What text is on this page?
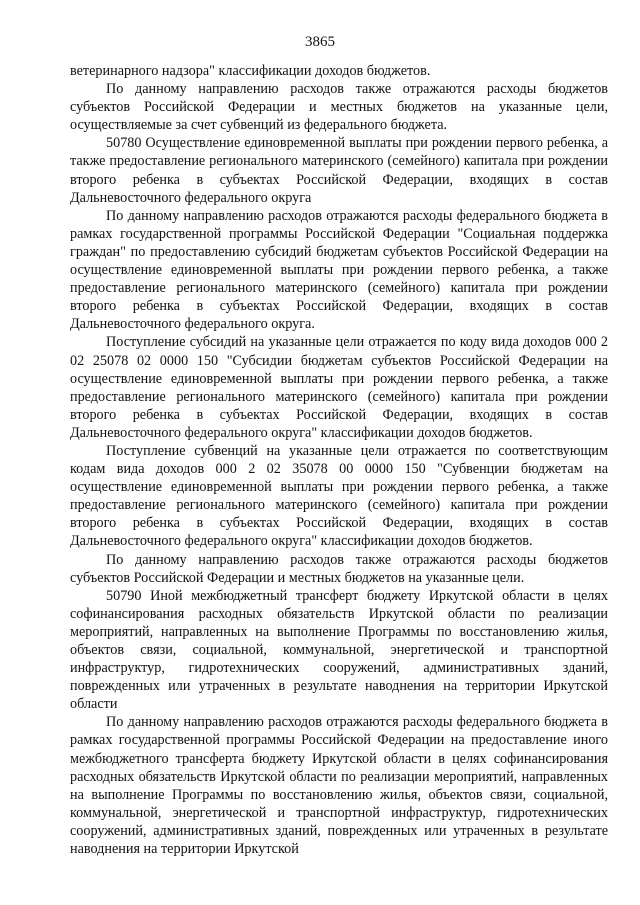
3865

ветеринарного надзора" классификации доходов бюджетов.

По данному направлению расходов также отражаются расходы бюджетов субъектов Российской Федерации и местных бюджетов на указанные цели, осуществляемые за счет субвенций из федерального бюджета.

50780 Осуществление единовременной выплаты при рождении первого ребенка, а также предоставление регионального материнского (семейного) капитала при рождении второго ребенка в субъектах Российской Федерации, входящих в состав Дальневосточного федерального округа

По данному направлению расходов отражаются расходы федерального бюджета в рамках государственной программы Российской Федерации "Социальная поддержка граждан" по предоставлению субсидий бюджетам субъектов Российской Федерации на осуществление единовременной выплаты при рождении первого ребенка, а также предоставление регионального материнского (семейного) капитала при рождении второго ребенка в субъектах Российской Федерации, входящих в состав Дальневосточного федерального округа.

Поступление субсидий на указанные цели отражается по коду вида доходов 000 2 02 25078 02 0000 150 "Субсидии бюджетам субъектов Российской Федерации на осуществление единовременной выплаты при рождении первого ребенка, а также предоставление регионального материнского (семейного) капитала при рождении второго ребенка в субъектах Российской Федерации, входящих в состав Дальневосточного федерального округа" классификации доходов бюджетов.

Поступление субвенций на указанные цели отражается по соответствующим кодам вида доходов 000 2 02 35078 00 0000 150 "Субвенции бюджетам на осуществление единовременной выплаты при рождении первого ребенка, а также предоставление регионального материнского (семейного) капитала при рождении второго ребенка в субъектах Российской Федерации, входящих в состав Дальневосточного федерального округа" классификации доходов бюджетов.

По данному направлению расходов также отражаются расходы бюджетов субъектов Российской Федерации и местных бюджетов на указанные цели.

50790 Иной межбюджетный трансферт бюджету Иркутской области в целях софинансирования расходных обязательств Иркутской области по реализации мероприятий, направленных на выполнение Программы по восстановлению жилья, объектов связи, социальной, коммунальной, энергетической и транспортной инфраструктур, гидротехнических сооружений, административных зданий, поврежденных или утраченных в результате наводнения на территории Иркутской области

По данному направлению расходов отражаются расходы федерального бюджета в рамках государственной программы Российской Федерации на предоставление иного межбюджетного трансферта бюджету Иркутской области в целях софинансирования расходных обязательств Иркутской области по реализации мероприятий, направленных на выполнение Программы по восстановлению жилья, объектов связи, социальной, коммунальной, энергетической и транспортной инфраструктур, гидротехнических сооружений, административных зданий, поврежденных или утраченных в результате наводнения на территории Иркутской
